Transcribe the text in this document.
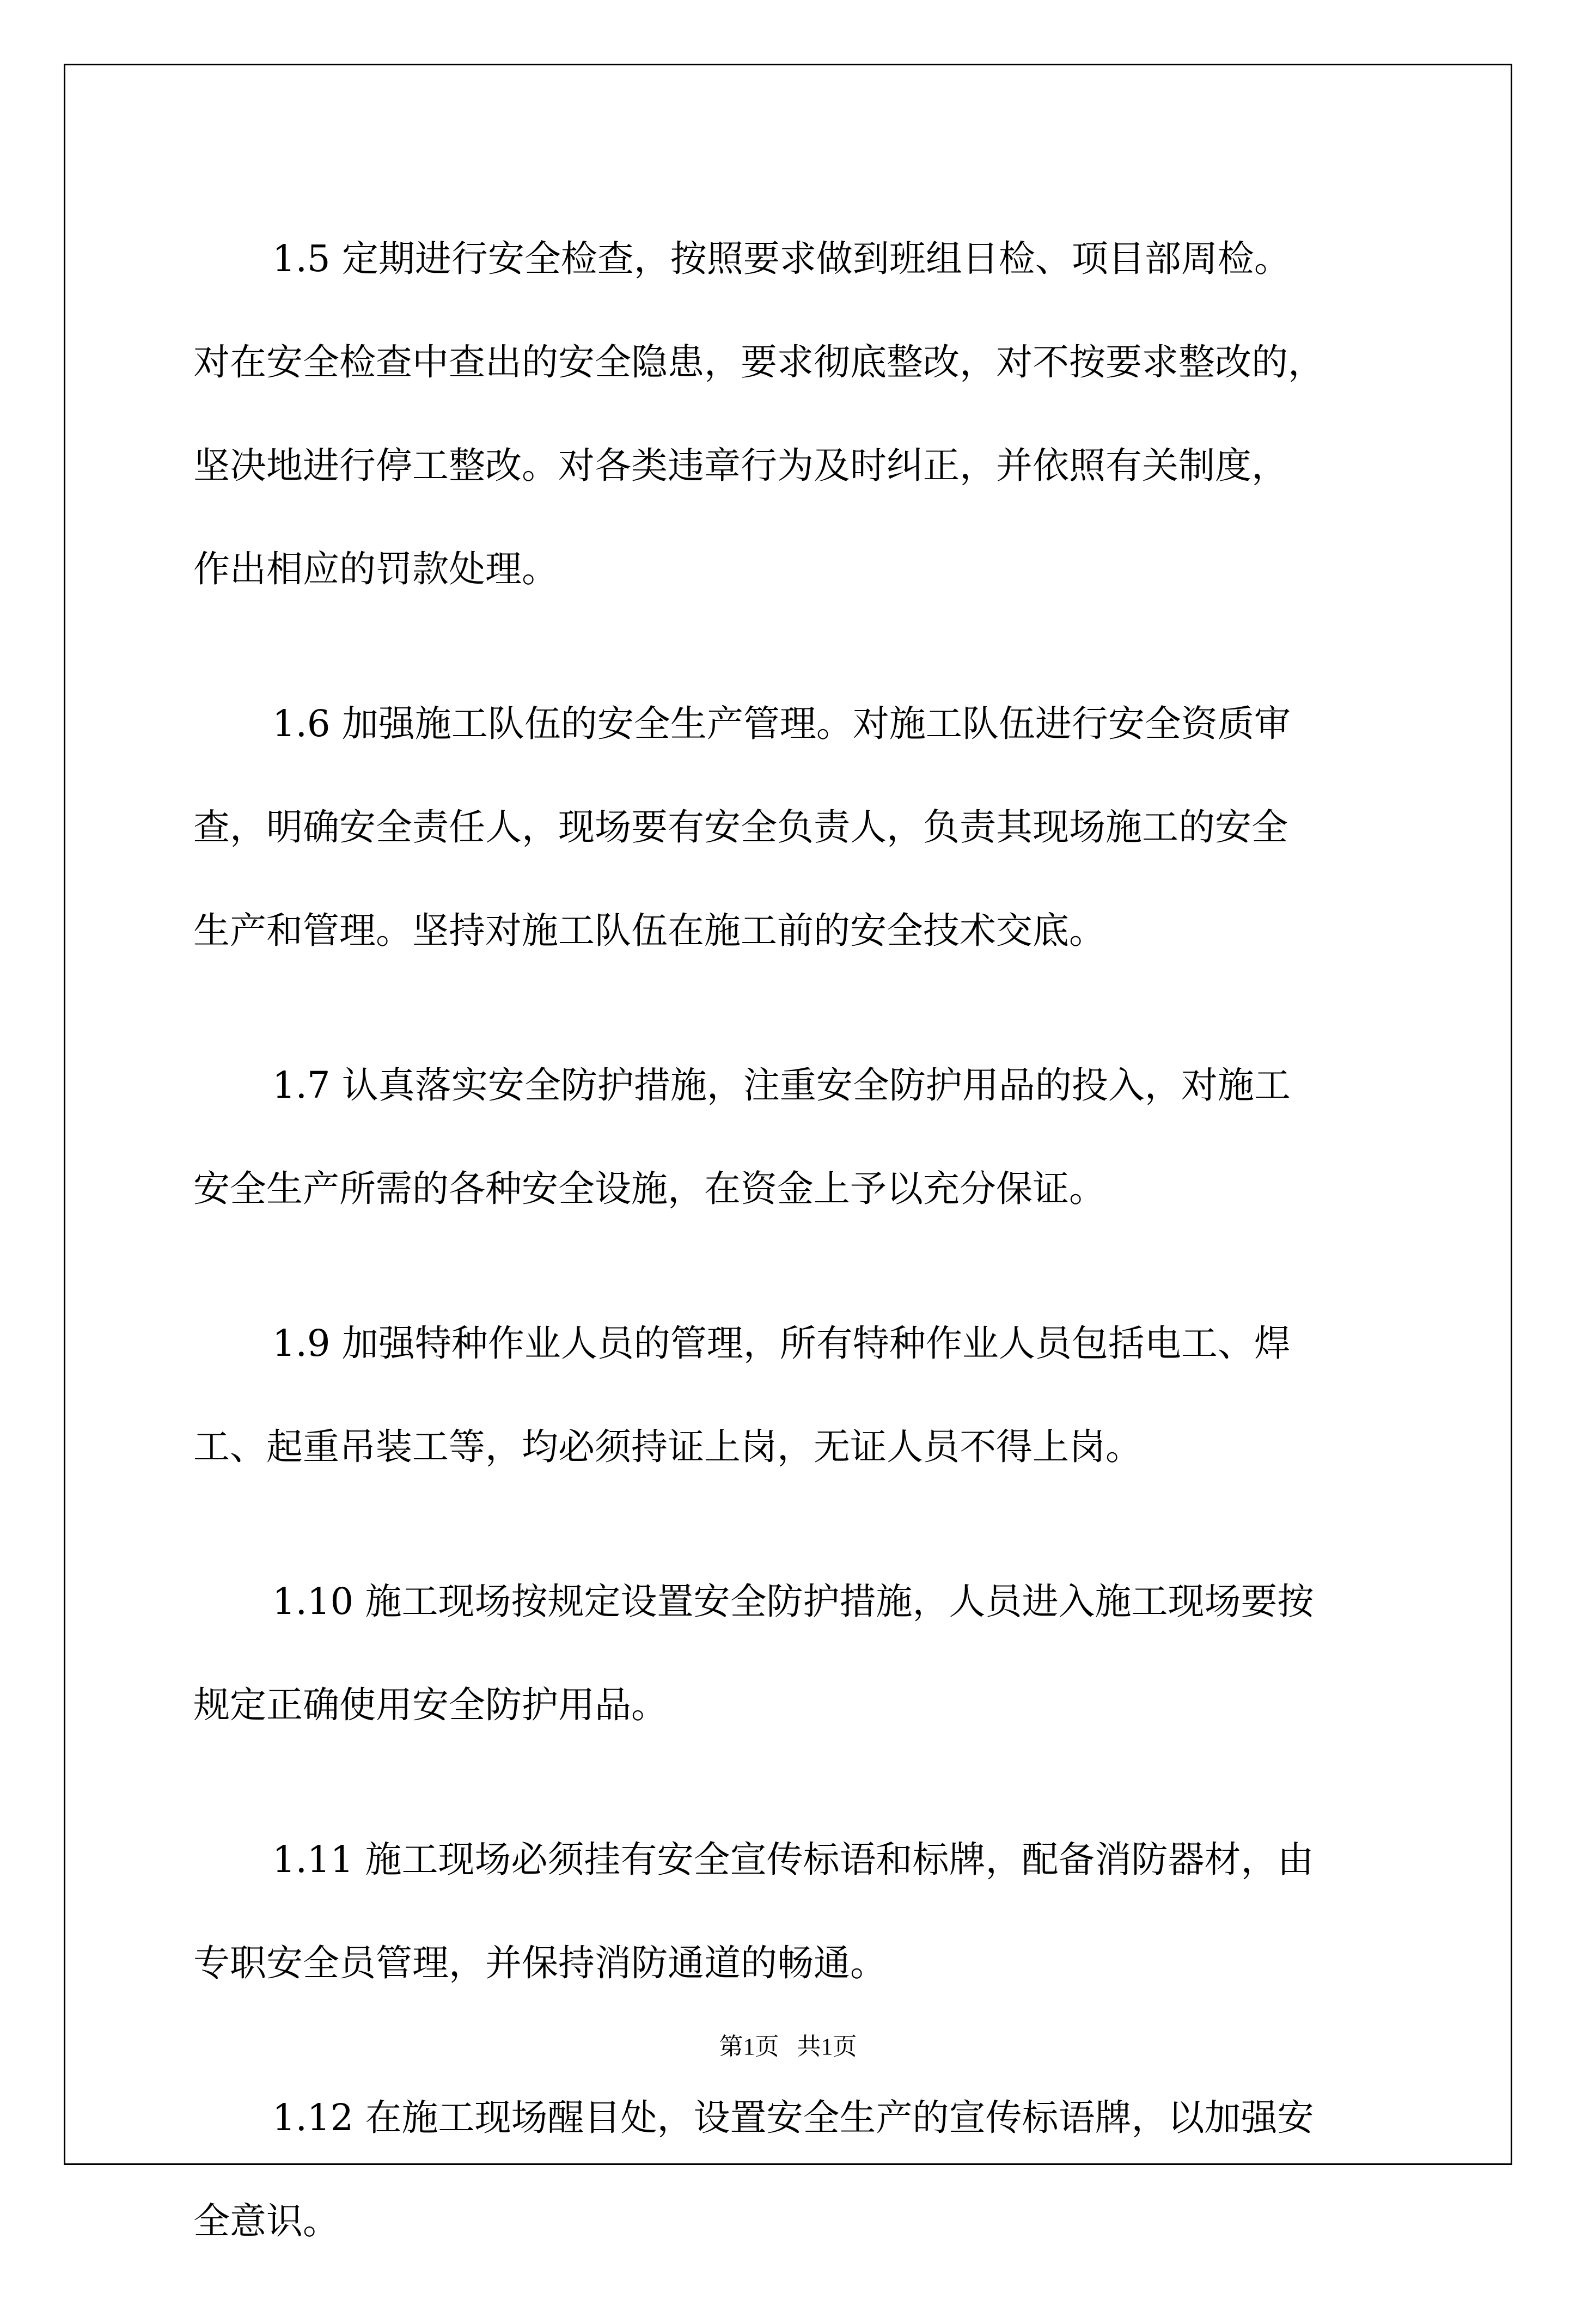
1.5 定期进行安全检查，按照要求做到班组日检、项目部周检。
对在安全检查中查出的安全隐患，要求彻底整改，对不按要求整改的，
坚决地进行停工整改。对各类违章行为及时纠正，并依照有关制度，
作出相应的罚款处理。

1.6 加强施工队伍的安全生产管理。对施工队伍进行安全资质审
查，明确安全责任人，现场要有安全负责人，负责其现场施工的安全
生产和管理。坚持对施工队伍在施工前的安全技术交底。

1.7 认真落实安全防护措施，注重安全防护用品的投入，对施工
安全生产所需的各种安全设施，在资金上予以充分保证。

1.9 加强特种作业人员的管理，所有特种作业人员包括电工、焊
工、起重吊装工等，均必须持证上岗，无证人员不得上岗。

1.10 施工现场按规定设置安全防护措施，人员进入施工现场要按
规定正确使用安全防护用品。

1.11 施工现场必须挂有安全宣传标语和标牌，配备消防器材，由
专职安全员管理，并保持消防通道的畅通。

1.12 在施工现场醒目处，设置安全生产的宣传标语牌，以加强安
全意识。

第1页 共1页
